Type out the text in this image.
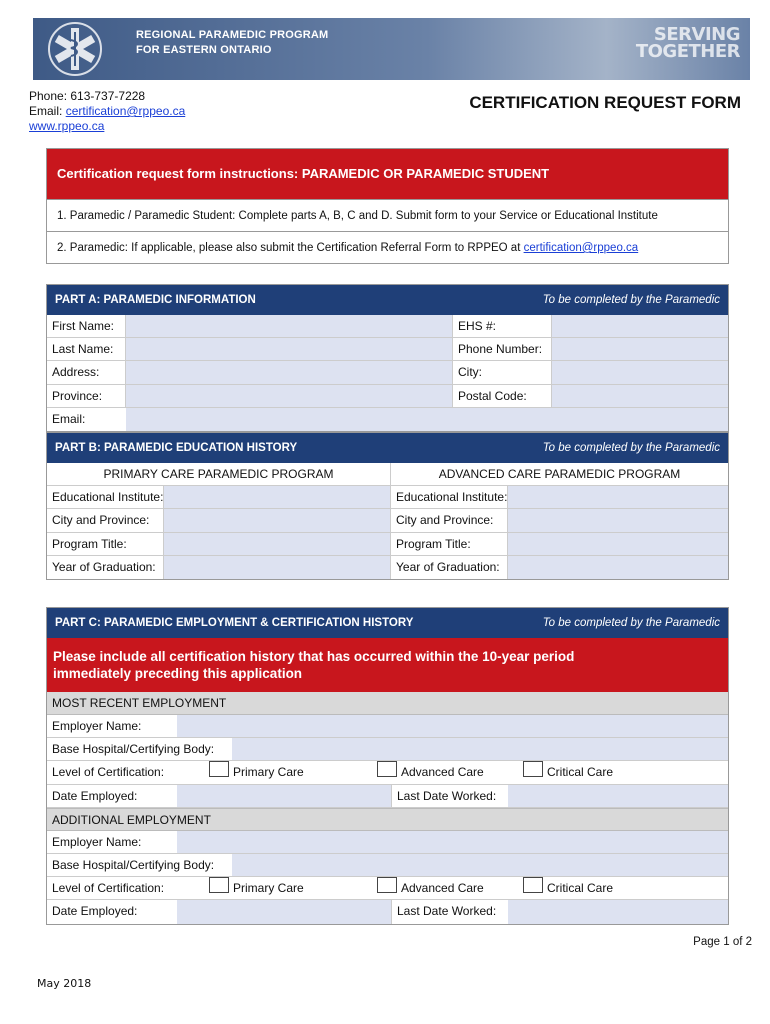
REGIONAL PARAMEDIC PROGRAM
FOR EASTERN ONTARIO
SERVING
TOGETHER
Phone: 613-737-7228
Email: certification@rppeo.ca
www.rppeo.ca
CERTIFICATION REQUEST FORM
Certification request form instructions: PARAMEDIC OR PARAMEDIC STUDENT
1. Paramedic / Paramedic Student: Complete parts A, B, C and D. Submit form to your Service or Educational Institute
2. Paramedic: If applicable, please also submit the Certification Referral Form to RPPEO at certification@rppeo.ca
PART A: PARAMEDIC INFORMATION	To be completed by the Paramedic
First Name:	EHS #:
Last Name:	Phone Number:
Address:	City:
Province:	Postal Code:
Email:
PART B: PARAMEDIC EDUCATION HISTORY	To be completed by the Paramedic
PRIMARY CARE PARAMEDIC PROGRAM	ADVANCED CARE PARAMEDIC PROGRAM
Educational Institute:	Educational Institute:
City and Province:	City and Province:
Program Title:	Program Title:
Year of Graduation:	Year of Graduation:
PART C: PARAMEDIC EMPLOYMENT & CERTIFICATION HISTORY	To be completed by the Paramedic
Please include all certification history that has occurred within the 10-year period
immediately preceding this application
MOST RECENT EMPLOYMENT
Employer Name:
Base Hospital/Certifying Body:
Level of Certification:	Primary Care	Advanced Care	Critical Care
Date Employed:	Last Date Worked:
ADDITIONAL EMPLOYMENT
Employer Name:
Base Hospital/Certifying Body:
Level of Certification:	Primary Care	Advanced Care	Critical Care
Date Employed:	Last Date Worked:
Page 1 of 2
May 2018
